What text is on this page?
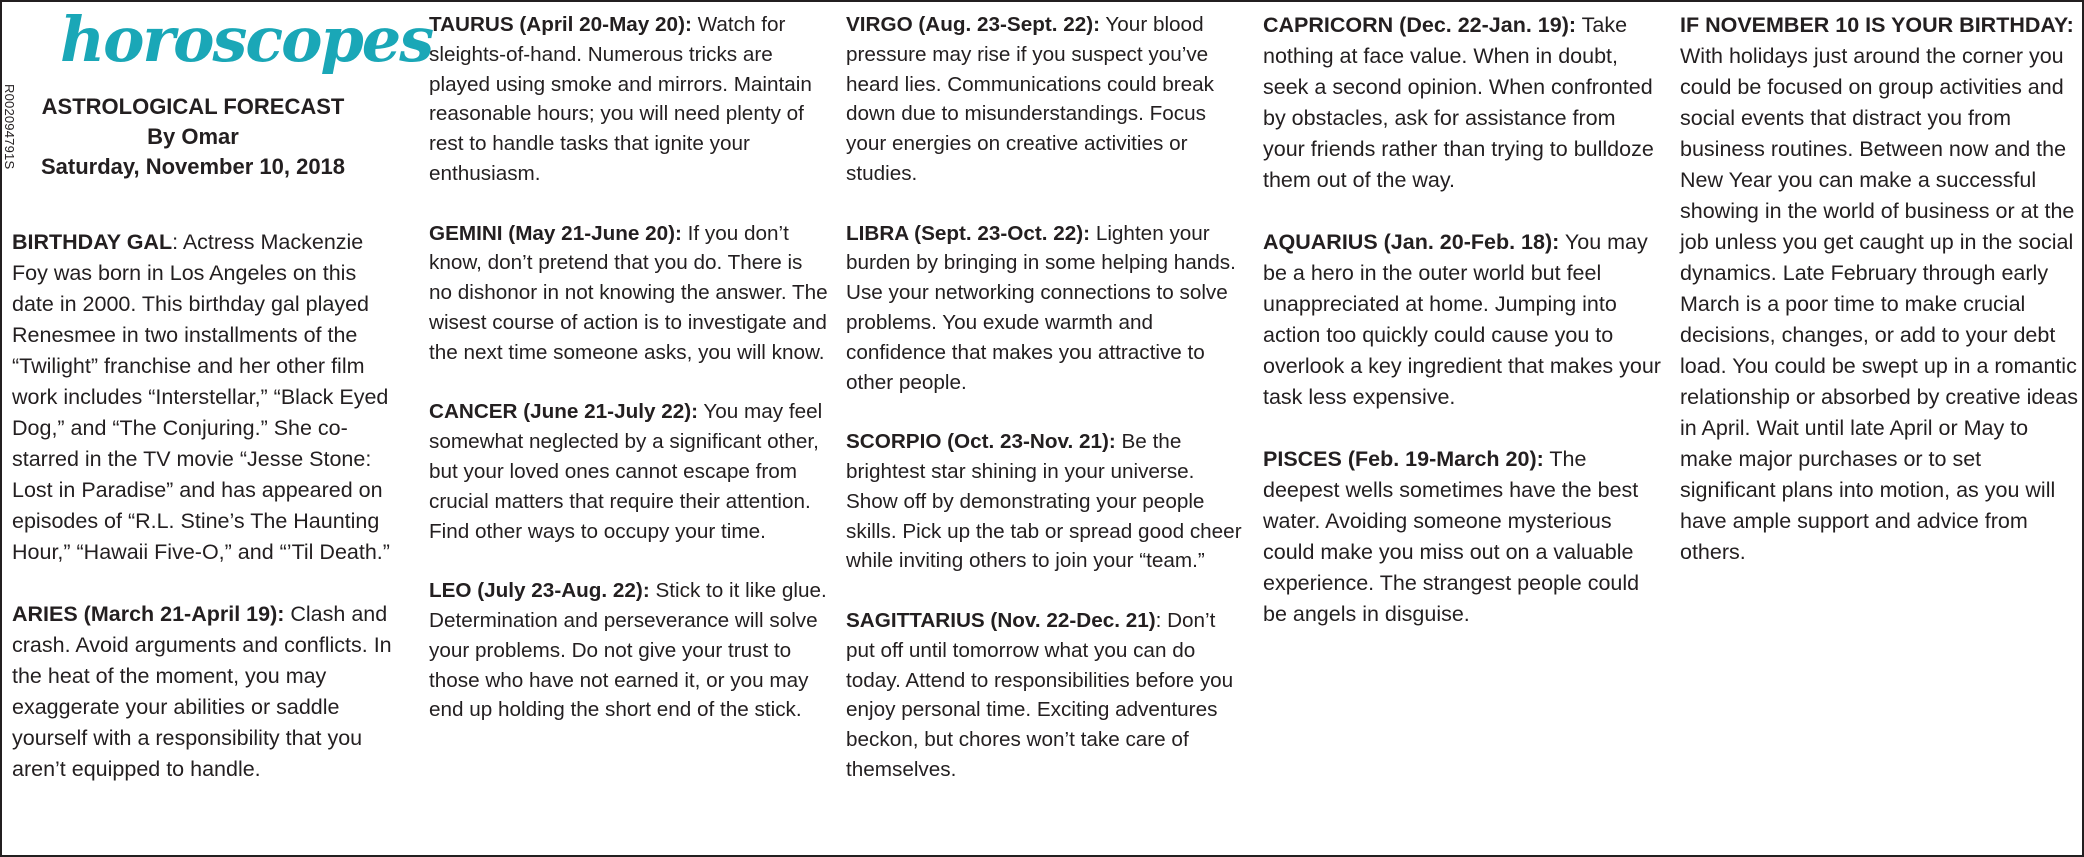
R002094791S
horoscopes
ASTROLOGICAL FORECAST
By Omar
Saturday, November 10, 2018

BIRTHDAY GAL: Actress Mackenzie Foy was born in Los Angeles on this date in 2000. This birthday gal played Renesmee in two installments of the “Twilight” franchise and her other film work includes “Interstellar,” “Black Eyed Dog,” and “The Conjuring.” She co-starred in the TV movie “Jesse Stone: Lost in Paradise” and has appeared on episodes of “R.L. Stine’s The Haunting Hour,” “Hawaii Five-O,” and “’Til Death.”

ARIES (March 21-April 19): Clash and crash. Avoid arguments and conflicts. In the heat of the moment, you may exaggerate your abilities or saddle yourself with a responsibility that you aren’t equipped to handle.

TAURUS (April 20-May 20): Watch for sleights-of-hand. Numerous tricks are played using smoke and mirrors. Maintain reasonable hours; you will need plenty of rest to handle tasks that ignite your enthusiasm.

GEMINI (May 21-June 20): If you don’t know, don’t pretend that you do. There is no dishonor in not knowing the answer. The wisest course of action is to investigate and the next time someone asks, you will know.

CANCER (June 21-July 22): You may feel somewhat neglected by a significant other, but your loved ones cannot escape from crucial matters that require their attention. Find other ways to occupy your time.

LEO (July 23-Aug. 22): Stick to it like glue. Determination and perseverance will solve your problems. Do not give your trust to those who have not earned it, or you may end up holding the short end of the stick.

VIRGO (Aug. 23-Sept. 22): Your blood pressure may rise if you suspect you’ve heard lies. Communications could break down due to misunderstandings. Focus your energies on creative activities or studies.

LIBRA (Sept. 23-Oct. 22): Lighten your burden by bringing in some helping hands. Use your networking connections to solve problems. You exude warmth and confidence that makes you attractive to other people.

SCORPIO (Oct. 23-Nov. 21): Be the brightest star shining in your universe. Show off by demonstrating your people skills. Pick up the tab or spread good cheer while inviting others to join your “team.”

SAGITTARIUS (Nov. 22-Dec. 21): Don’t put off until tomorrow what you can do today. Attend to responsibilities before you enjoy personal time. Exciting adventures beckon, but chores won’t take care of themselves.

CAPRICORN (Dec. 22-Jan. 19): Take nothing at face value. When in doubt, seek a second opinion. When confronted by obstacles, ask for assistance from your friends rather than trying to bulldoze them out of the way.

AQUARIUS (Jan. 20-Feb. 18): You may be a hero in the outer world but feel unappreciated at home. Jumping into action too quickly could cause you to overlook a key ingredient that makes your task less expensive.

PISCES (Feb. 19-March 20): The deepest wells sometimes have the best water. Avoiding someone mysterious could make you miss out on a valuable experience. The strangest people could be angels in disguise.

IF NOVEMBER 10 IS YOUR BIRTHDAY: With holidays just around the corner you could be focused on group activities and social events that distract you from business routines. Between now and the New Year you can make a successful showing in the world of business or at the job unless you get caught up in the social dynamics. Late February through early March is a poor time to make crucial decisions, changes, or add to your debt load. You could be swept up in a romantic relationship or absorbed by creative ideas in April. Wait until late April or May to make major purchases or to set significant plans into motion, as you will have ample support and advice from others.
